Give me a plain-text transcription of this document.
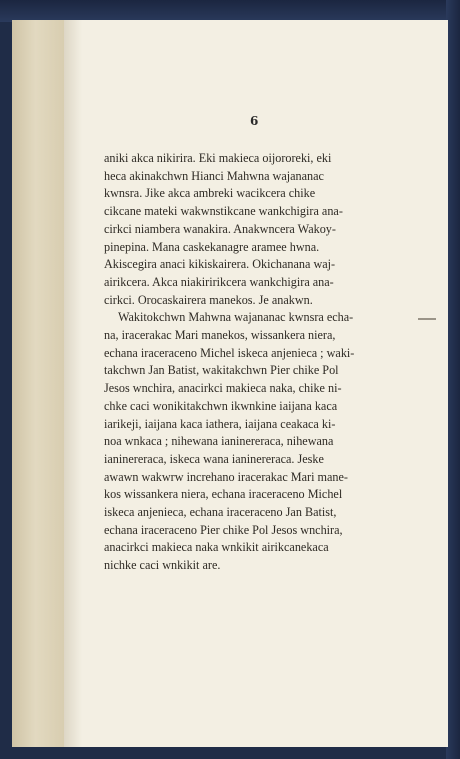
6

aniki akca nikirira. Eki makieca oijororeki, eki
heca akinakchwn Hianci Mahwna wajananac
kwnsra. Jike akca ambreki wacikcera chike
cikcane mateki wakwnstikcane wankchigira ana-
cirkci niambera wanakira. Anakwncera Wakoy-
pinepina. Mana caskekanagre aramee hwna.
Akiscegira anaci kikiskairera. Okichanana waj-
airikcera. Akca niakiririkcera wankchigira ana-
cirkci. Orocaskairera manekos. Je anakwn.

Wakitokchwn Mahwna wajananac kwnsra echa-
na, iracerakac Mari manekos, wissankera niera,
echana iraceraceno Michel iskeca anjenieca ; waki-
takchwn Jan Batist, wakitakchwn Pier chike Pol
Jesos wnchira, anacirkci makieca naka, chike ni-
chke caci wonikitakchwn ikwnkine iaijana kaca
iarikeji, iaijana kaca iathera, iaijana ceakaca ki-
noa wnkaca ; nihewana ianinereraca, nihewana
ianinereraca, iskeca wana ianinereraca. Jeske
awawn wakwrw increhano iracerakac Mari mane-
kos wissankera niera, echana iraceraceno Michel
iskeca anjenieca, echana iraceraceno Jan Batist,
echana iraceraceno Pier chike Pol Jesos wnchira,
anacirkci makieca naka wnkikit airikcanekaca
nichke caci wnkikit are.
